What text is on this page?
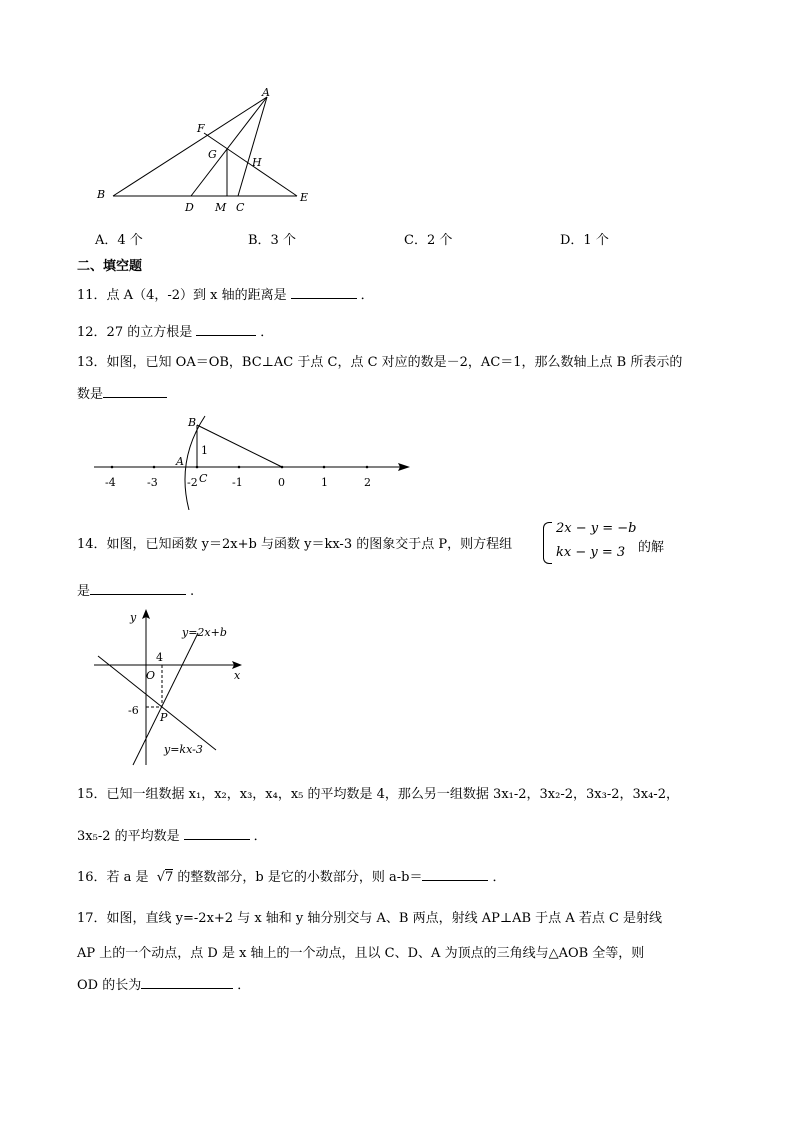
A
B
C
D
E
F
G
H
M
A．4 个	B．3 个	C．2 个	D．1 个
二、填空题
11．点 A（4，-2）到 x 轴的距离是	．
12．27 的立方根是	．
13．如图，已知 OA＝OB，BC⊥AC 于点 C，点 C 对应的数是－2，AC＝1，那么数轴上点 B 所表示的
数是
B
A
C
1
-4	-3	-2	-1	0	1	2
14．如图，已知函数 y＝2x+b 与函数 y＝kx-3 的图象交于点 P，则方程组
2x − y = −b
kx − y = 3 的解
是	.
y
x
O
4
-6
P
y=2x+b
y=kx-3
15．已知一组数据 x₁，x₂，x₃，x₄，x₅ 的平均数是 4，那么另一组数据 3x₁-2，3x₂-2，3x₃-2，3x₄-2，
3x₅-2 的平均数是	．
16．若 a 是 √7 的整数部分，b 是它的小数部分，则 a-b＝	．
17．如图，直线 y=-2x+2 与 x 轴和 y 轴分别交与 A、B 两点，射线 AP⊥AB 于点 A 若点 C 是射线
AP 上的一个动点，点 D 是 x 轴上的一个动点，且以 C、D、A 为顶点的三角线与△AOB 全等，则
OD 的长为	．
